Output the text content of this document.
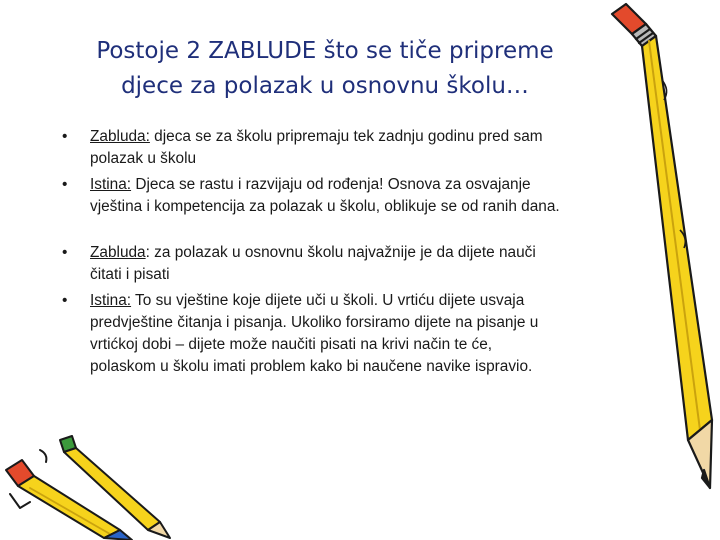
Postoje 2 ZABLUDE što se tiče pripreme
djece za polazak u osnovnu školu…
•	Zabluda: djeca se za školu pripremaju tek zadnju godinu pred sam
polazak u školu
•	Istina: Djeca se rastu i razvijaju od rođenja! Osnova za osvajanje
vještina i kompetencija za polazak u školu, oblikuje se od ranih dana.
•	Zabluda: za polazak u osnovnu školu najvažnije je da dijete nauči
čitati i pisati
•	Istina: To su vještine koje dijete uči u školi. U vrtiću dijete usvaja
predvještine čitanja i pisanja. Ukoliko forsiramo dijete na pisanje u
vrtićkoj dobi – dijete može naučiti pisati na krivi način te će,
polaskom u školu imati problem kako bi naučene navike ispravio.
